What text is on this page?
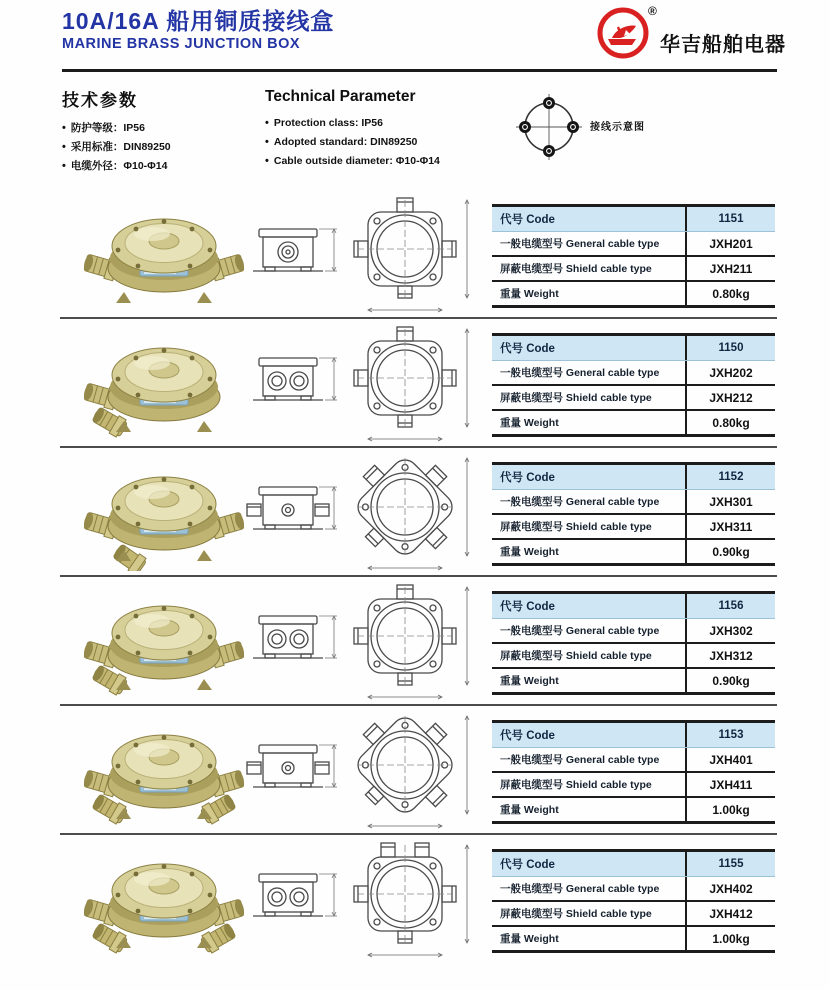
10A/16A 船用铜质接线盒
MARINE BRASS JUNCTION BOX
®
华吉船舶电器
技术参数
• 防护等级：IP56
• 采用标准：DIN89250
• 电缆外径：Φ10-Φ14
Technical Parameter
• Protection class: IP56
• Adopted standard: DIN89250
• Cable outside diameter: Φ10-Φ14
接线示意图
代号 Code	1151
一般电缆型号 General cable type	JXH201
屏蔽电缆型号 Shield cable type	JXH211
重量 Weight	0.80kg
代号 Code	1150
一般电缆型号 General cable type	JXH202
屏蔽电缆型号 Shield cable type	JXH212
重量 Weight	0.80kg
代号 Code	1152
一般电缆型号 General cable type	JXH301
屏蔽电缆型号 Shield cable type	JXH311
重量 Weight	0.90kg
代号 Code	1156
一般电缆型号 General cable type	JXH302
屏蔽电缆型号 Shield cable type	JXH312
重量 Weight	0.90kg
代号 Code	1153
一般电缆型号 General cable type	JXH401
屏蔽电缆型号 Shield cable type	JXH411
重量 Weight	1.00kg
代号 Code	1155
一般电缆型号 General cable type	JXH402
屏蔽电缆型号 Shield cable type	JXH412
重量 Weight	1.00kg
